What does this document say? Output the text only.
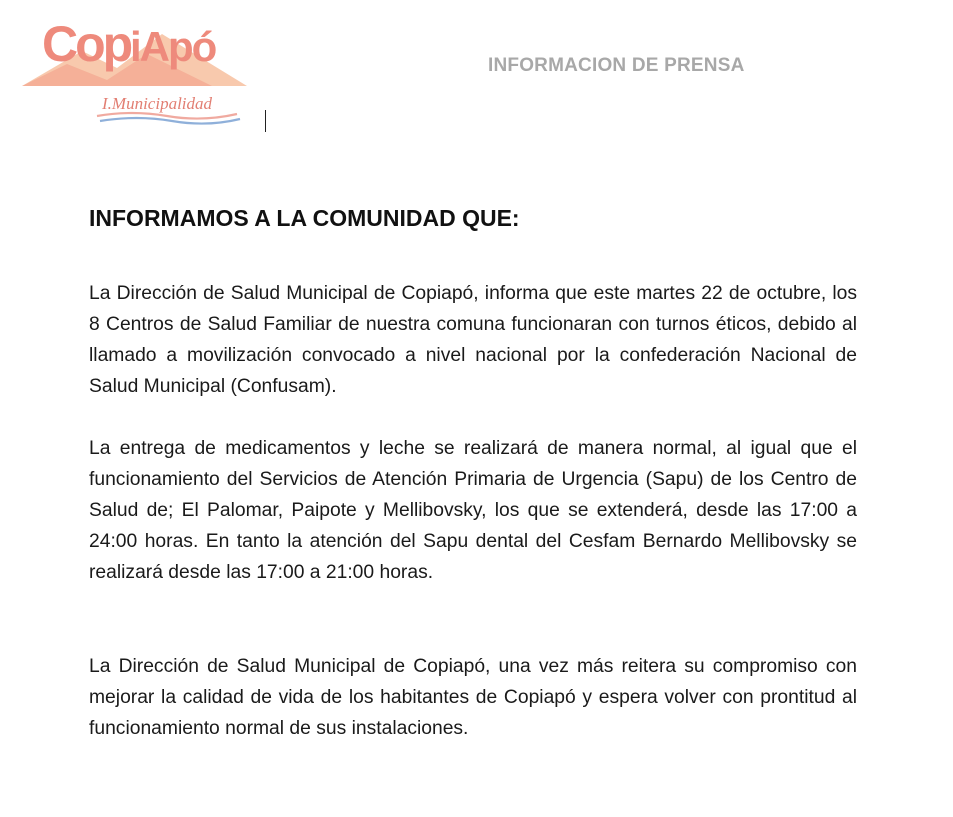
Cop iApó
I.Municipalidad
INFORMACION DE PRENSA
INFORMAMOS A LA COMUNIDAD QUE:

La Dirección de Salud Municipal de Copiapó, informa que este martes 22 de octubre, los 8 Centros de Salud Familiar de nuestra comuna funcionaran con turnos éticos, debido al llamado a movilización convocado a nivel nacional por la confederación Nacional de Salud Municipal (Confusam).

La entrega de medicamentos y leche se realizará de manera normal, al igual que el funcionamiento del Servicios de Atención Primaria de Urgencia (Sapu) de los Centro de Salud de; El Palomar, Paipote y Mellibovsky, los que se extenderá, desde las 17:00 a 24:00 horas. En tanto la atención del Sapu dental del Cesfam Bernardo Mellibovsky se realizará desde las 17:00 a 21:00 horas.

La Dirección de Salud Municipal de Copiapó, una vez más reitera su compromiso con mejorar la calidad de vida de los habitantes de Copiapó y espera volver con prontitud al funcionamiento normal de sus instalaciones.
